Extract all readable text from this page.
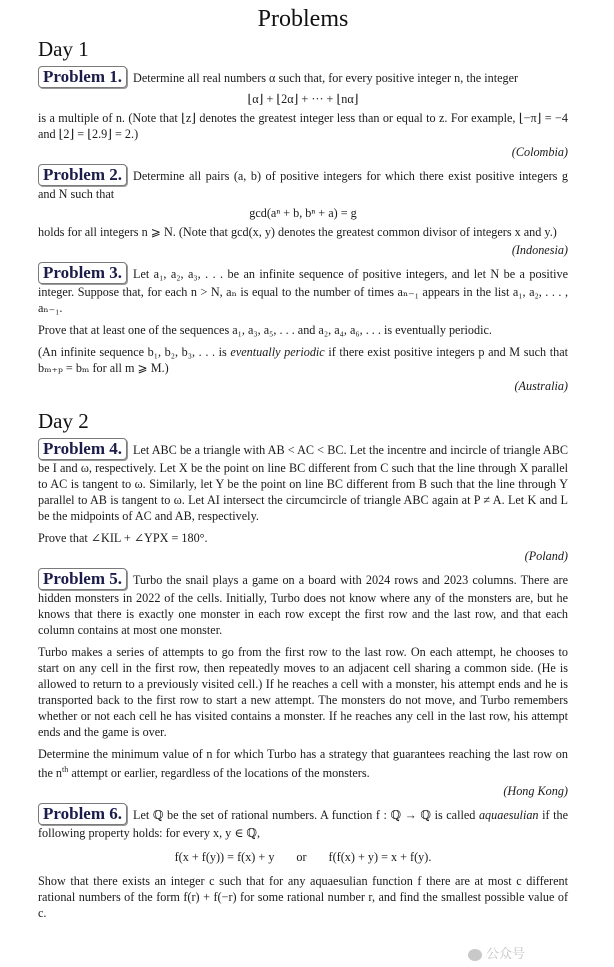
Problems
Day 1

Problem 1. Determine all real numbers α such that, for every positive integer n, the integer

⌊α⌋ + ⌊2α⌋ + ··· + ⌊nα⌋

is a multiple of n. (Note that ⌊z⌋ denotes the greatest integer less than or equal to z. For example, ⌊−π⌋ = −4 and ⌊2⌋ = ⌊2.9⌋ = 2.)

(Colombia)

Problem 2. Determine all pairs (a, b) of positive integers for which there exist positive integers g and N such that

gcd(aⁿ + b, bⁿ + a) = g

holds for all integers n ⩾ N. (Note that gcd(x, y) denotes the greatest common divisor of integers x and y.)

(Indonesia)

Problem 3. Let a₁, a₂, a₃, . . . be an infinite sequence of positive integers, and let N be a positive integer. Suppose that, for each n > N, aₙ is equal to the number of times aₙ₋₁ appears in the list a₁, a₂, . . . , aₙ₋₁.

Prove that at least one of the sequences a₁, a₃, a₅, . . . and a₂, a₄, a₆, . . . is eventually periodic.

(An infinite sequence b₁, b₂, b₃, . . . is eventually periodic if there exist positive integers p and M such that bₘ₊ₚ = bₘ for all m ⩾ M.)

(Australia)
Day 2

Problem 4. Let ABC be a triangle with AB < AC < BC. Let the incentre and incircle of triangle ABC be I and ω, respectively. Let X be the point on line BC different from C such that the line through X parallel to AC is tangent to ω. Similarly, let Y be the point on line BC different from B such that the line through Y parallel to AB is tangent to ω. Let AI intersect the circumcircle of triangle ABC again at P ≠ A. Let K and L be the midpoints of AC and AB, respectively.

Prove that ∠KIL + ∠YPX = 180°.

(Poland)

Problem 5. Turbo the snail plays a game on a board with 2024 rows and 2023 columns. There are hidden monsters in 2022 of the cells. Initially, Turbo does not know where any of the monsters are, but he knows that there is exactly one monster in each row except the first row and the last row, and that each column contains at most one monster.

Turbo makes a series of attempts to go from the first row to the last row. On each attempt, he chooses to start on any cell in the first row, then repeatedly moves to an adjacent cell sharing a common side. (He is allowed to return to a previously visited cell.) If he reaches a cell with a monster, his attempt ends and he is transported back to the first row to start a new attempt. The monsters do not move, and Turbo remembers whether or not each cell he has visited contains a monster. If he reaches any cell in the last row, his attempt ends and the game is over.

Determine the minimum value of n for which Turbo has a strategy that guarantees reaching the last row on the $n^{th}$ attempt or earlier, regardless of the locations of the monsters.

(Hong Kong)

Problem 6. Let ℚ be the set of rational numbers. A function f : ℚ → ℚ is called aquaesulian if the following property holds: for every x, y ∈ ℚ,

f(x + f(y)) = f(x) + y or f(f(x) + y) = x + f(y).

Show that there exists an integer c such that for any aquaesulian function f there are at most c different rational numbers of the form f(r) + f(−r) for some rational number r, and find the smallest possible value of c.

公众号
